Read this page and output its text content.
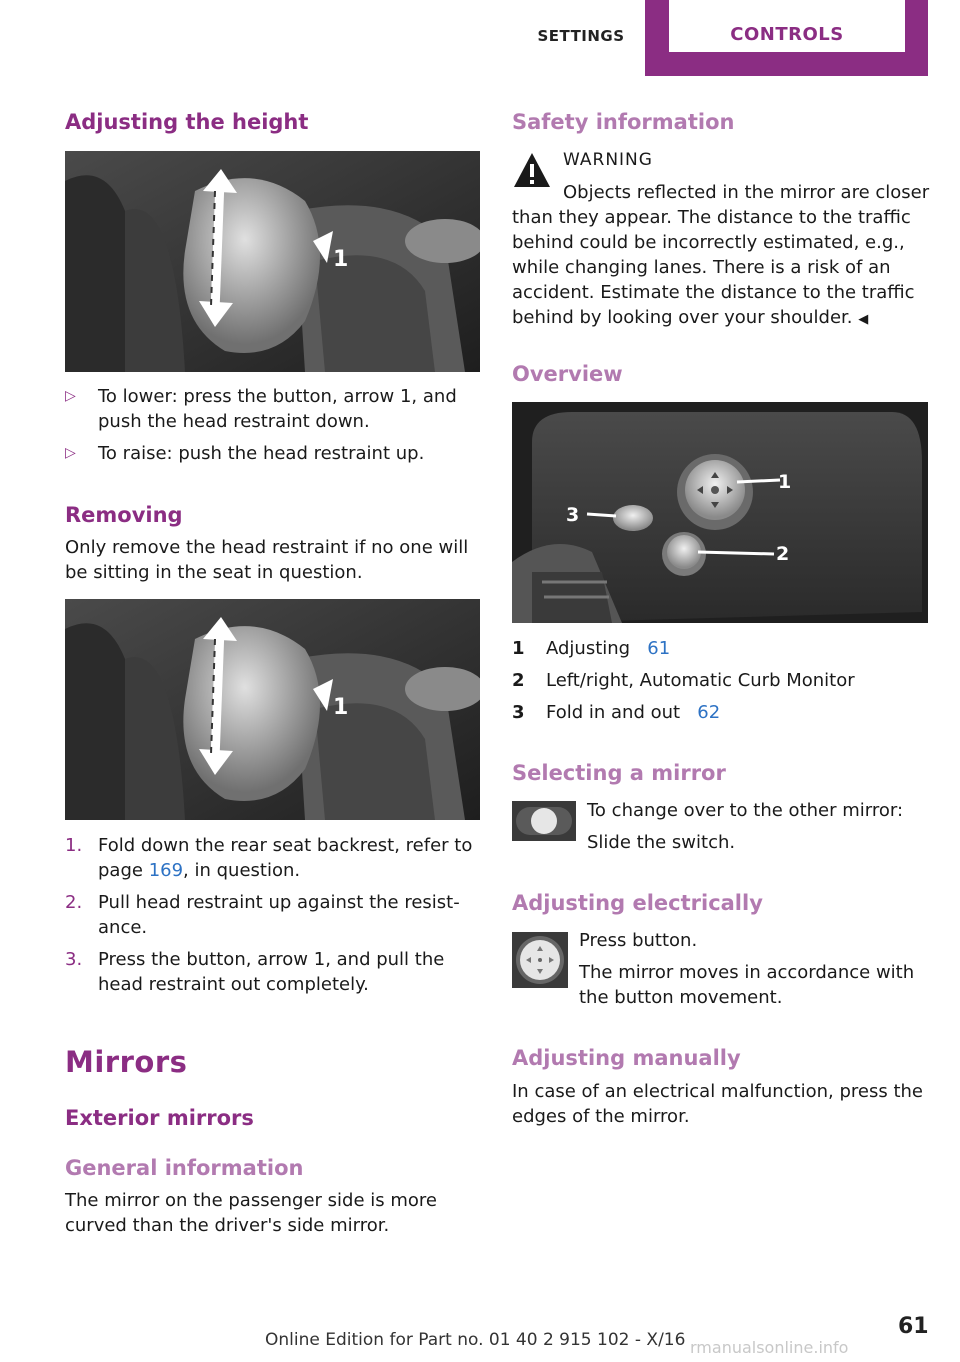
SETTINGS	CONTROLS
Adjusting the height
1
▷ To lower: press the button, arrow 1, and push the head restraint down.
▷ To raise: push the head restraint up.
Removing

Only remove the head restraint if no one will be sitting in the seat in question.

1
1. Fold down the rear seat backrest, refer to page 169, in question.
2. Pull head restraint up against the resistance.
3. Press the button, arrow 1, and pull the head restraint out completely.
Mirrors
Exterior mirrors
General information

The mirror on the passenger side is more curved than the driver's side mirror.

Safety information
WARNING

Objects reflected in the mirror are closer than they appear. The distance to the traffic behind could be incorrectly estimated, e.g., while changing lanes. There is a risk of an accident. Estimate the distance to the traffic behind by looking over your shoulder. ◀

Overview
1
2
3
1 Adjusting 61
2 Left/right, Automatic Curb Monitor
3 Fold in and out 62
Selecting a mirror

To change over to the other mirror:

Slide the switch.

Adjusting electrically

Press button.

The mirror moves in accordance with the button movement.

Adjusting manually

In case of an electrical malfunction, press the edges of the mirror.

61
Online Edition for Part no. 01 40 2 915 102 - X/16 rmanualsonline.info
